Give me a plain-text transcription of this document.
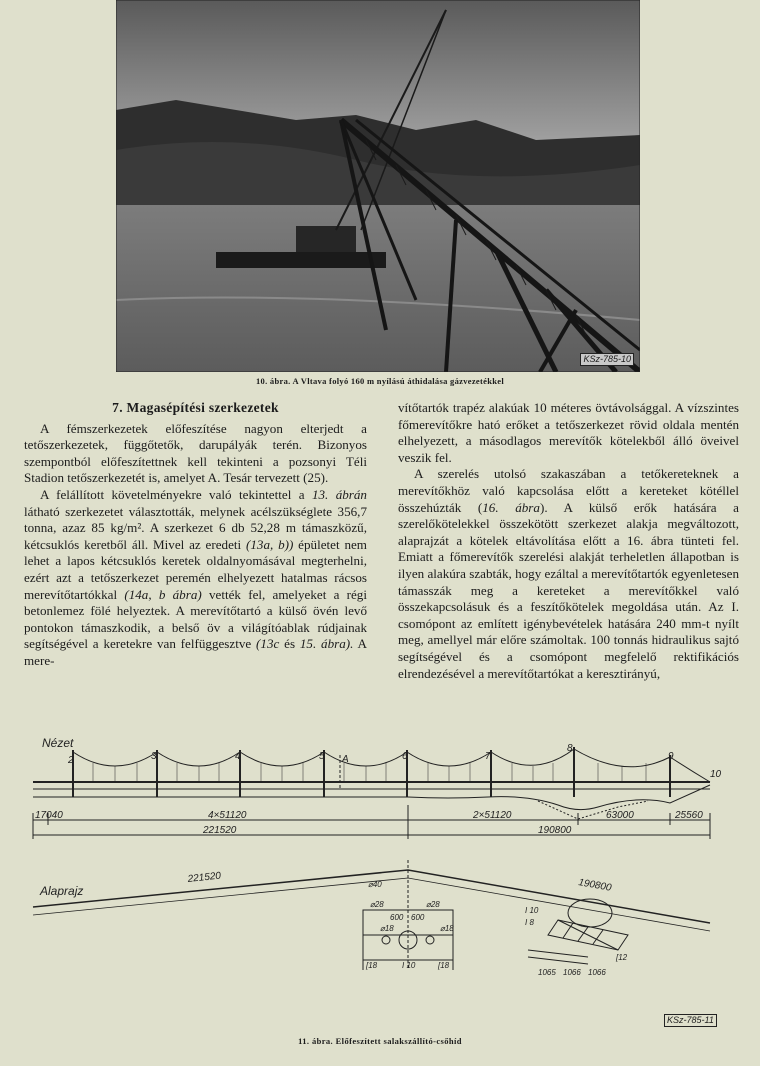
KSz-785-10
10. ábra. A Vltava folyó 160 m nyílású áthidalása gázvezetékkel
7. Magasépítési szerkezetek

A fémszerkezetek előfeszítése nagyon elterjedt a tetőszerkezetek, függőtetők, darupályák terén. Bizonyos szempontból előfeszítettnek kell tekinteni a pozsonyi Téli Stadion tetőszerkezetét is, amelyet A. Tesár tervezett (25).

A felállított követelményekre való tekintettel a 13. ábrán látható szerkezetet választották, melynek acélszükséglete 356,7 tonna, azaz 85 kg/m². A szerkezet 6 db 52,28 m támaszközű, kétcsuklós keretből áll. Mivel az eredeti (13a, b)) épületet nem lehet a lapos kétcsuklós keretek oldalnyomásával megterhelni, ezért azt a tetőszerkezet peremén elhelyezett hatalmas rácsos merevítőtartókkal (14a, b ábra) vették fel, amelyeket a régi betonlemez fölé helyeztek. A merevítőtartó a külső övén levő pontokon támaszkodik, a belső öv a világítóablak rúdjainak segítségével a keretekre van felfüggesztve (13c és 15. ábra). A mere-

vítőtartók trapéz alakúak 10 méteres övtávolsággal. A vízszintes főmerevítőkre ható erőket a tetőszerkezet rövid oldala mentén elhelyezett, a másodlagos merevítők kötelekből álló öveivel veszik fel.

A szerelés utolsó szakaszában a tetőkereteknek a merevítőkhöz való kapcsolása előtt a kereteket kötéllel összehúzták (16. ábra). A külső erők hatására a szerelőkötelekkel összekötött szerkezet alakja megváltozott, alaprajzát a kötelek eltávolítása előtt a 16. ábra tünteti fel. Emiatt a főmerevítők szerelési alakját terheletlen állapotban is ilyen alakúra szabták, hogy ezáltal a merevítőtartók egyenletesen támasszák meg a kereteket a merevítőkkel való összekapcsolásuk és a feszítőkötelek megoldása után. Az I. csomópont az említett igénybevételek hatására 240 mm-t nyílt meg, amellyel már előre számoltak. 100 tonnás hidraulikus sajtó segítségével és a csomópont megfelelő rektifikációs elrendezésével a merevítőtartókat a keresztirányú,

Nézet
Alaprajz
2	3	4	5	6	7
8
9
10
A
17040	4×51120	2×51120	63000	25560
221520	190800
221520	190800
⌀40
⌀28
600 600
⌀28
⌀18	⌀18
[18	I 10	[18
I 10
I 8
[12
1065 1066 1066
KSz-785-11
11. ábra. Előfeszített salakszállító-csőhíd
